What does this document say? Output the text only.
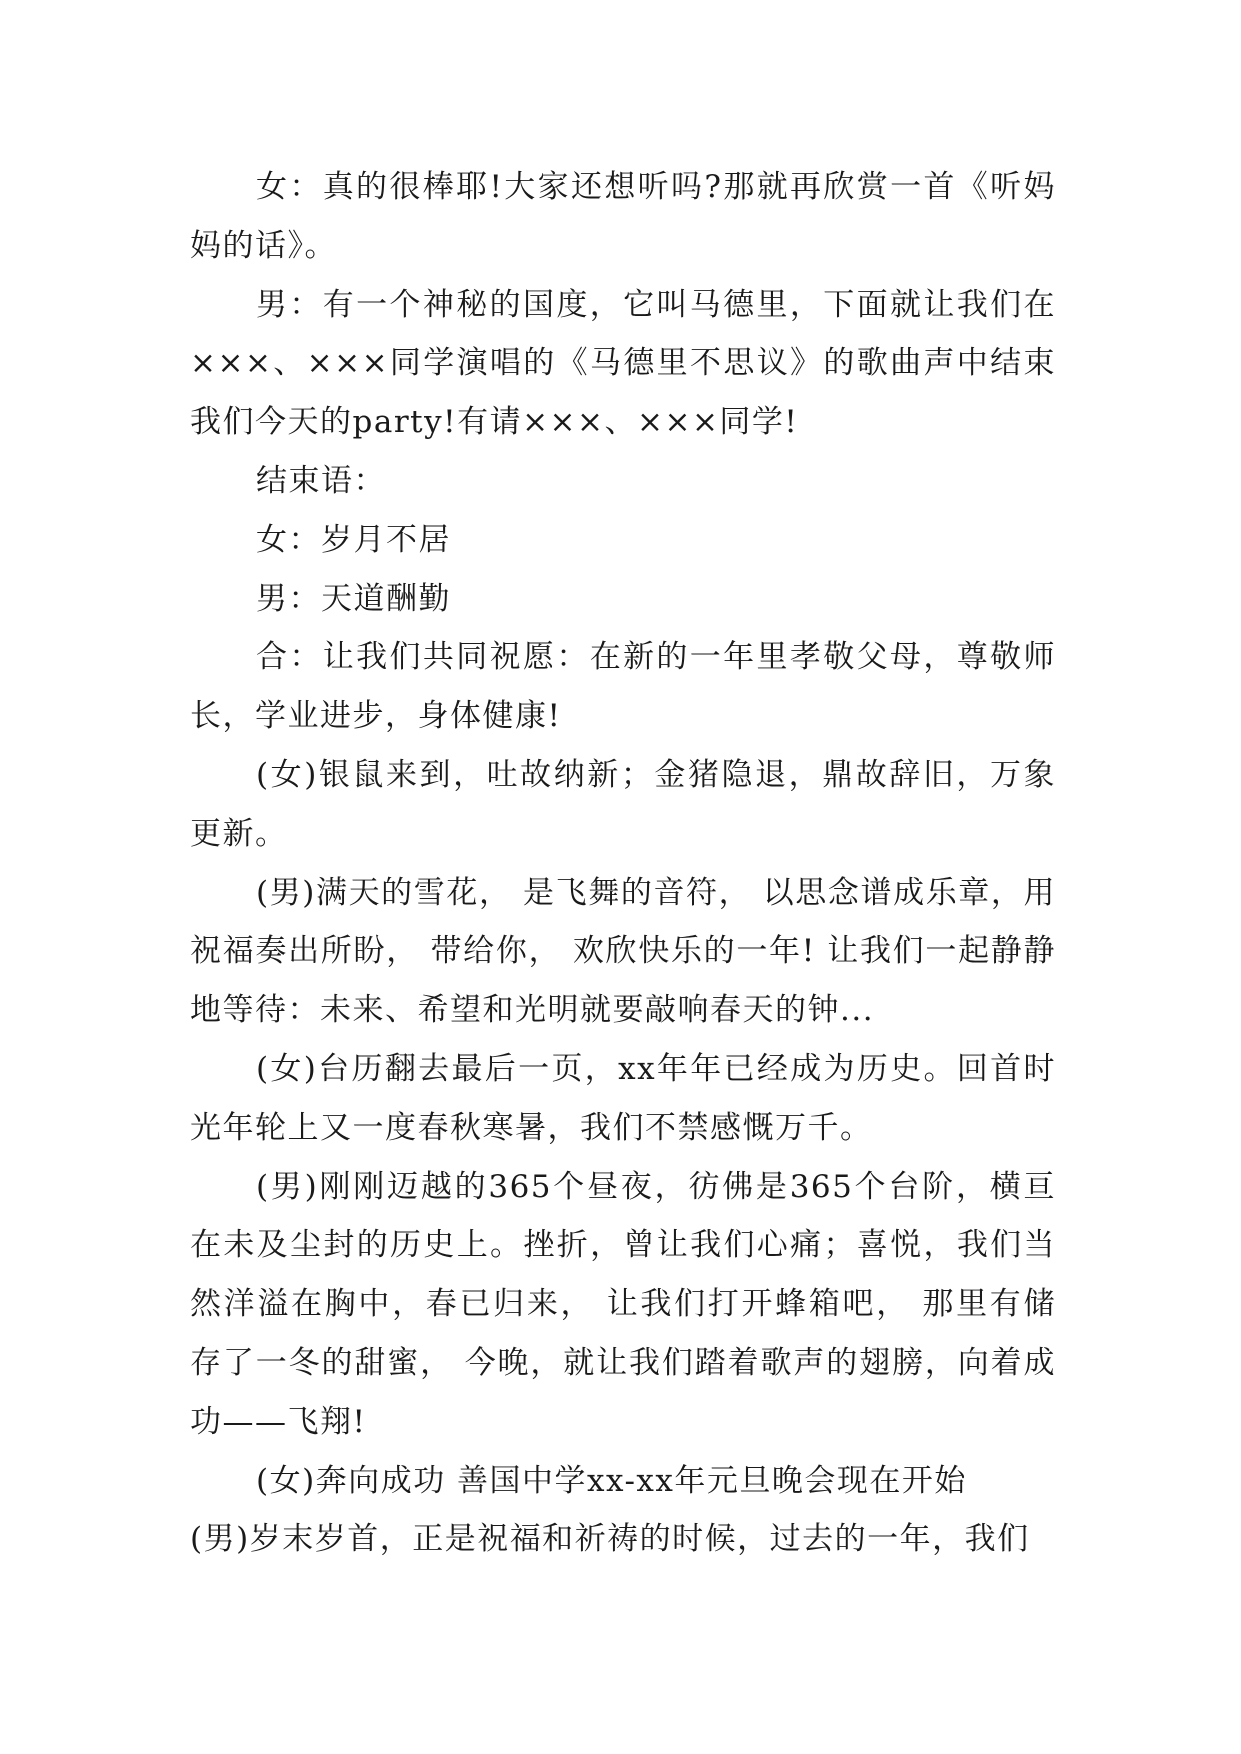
女：真的很棒耶!大家还想听吗?那就再欣赏一首《听妈妈的话》。

男：有一个神秘的国度，它叫马德里，下面就让我们在×××、×××同学演唱的《马德里不思议》的歌曲声中结束我们今天的party!有请×××、×××同学!

结束语：

女：岁月不居

男：天道酬勤

合：让我们共同祝愿：在新的一年里孝敬父母，尊敬师长，学业进步，身体健康!

(女)银鼠来到，吐故纳新；金猪隐退，鼎故辞旧，万象更新。

(男)满天的雪花， 是飞舞的音符， 以思念谱成乐章，用祝福奏出所盼， 带给你， 欢欣快乐的一年! 让我们一起静静地等待：未来、希望和光明就要敲响春天的钟...

(女)台历翻去最后一页，xx年年已经成为历史。回首时光年轮上又一度春秋寒暑，我们不禁感慨万千。

(男)刚刚迈越的365个昼夜，彷佛是365个台阶，横亘在未及尘封的历史上。挫折，曾让我们心痛；喜悦，我们当然洋溢在胸中，春已归来， 让我们打开蜂箱吧， 那里有储存了一冬的甜蜜， 今晚，就让我们踏着歌声的翅膀，向着成功——飞翔!

(女)奔向成功 善国中学xx-xx年元旦晚会现在开始

(男)岁末岁首，正是祝福和祈祷的时候，过去的一年，我们
